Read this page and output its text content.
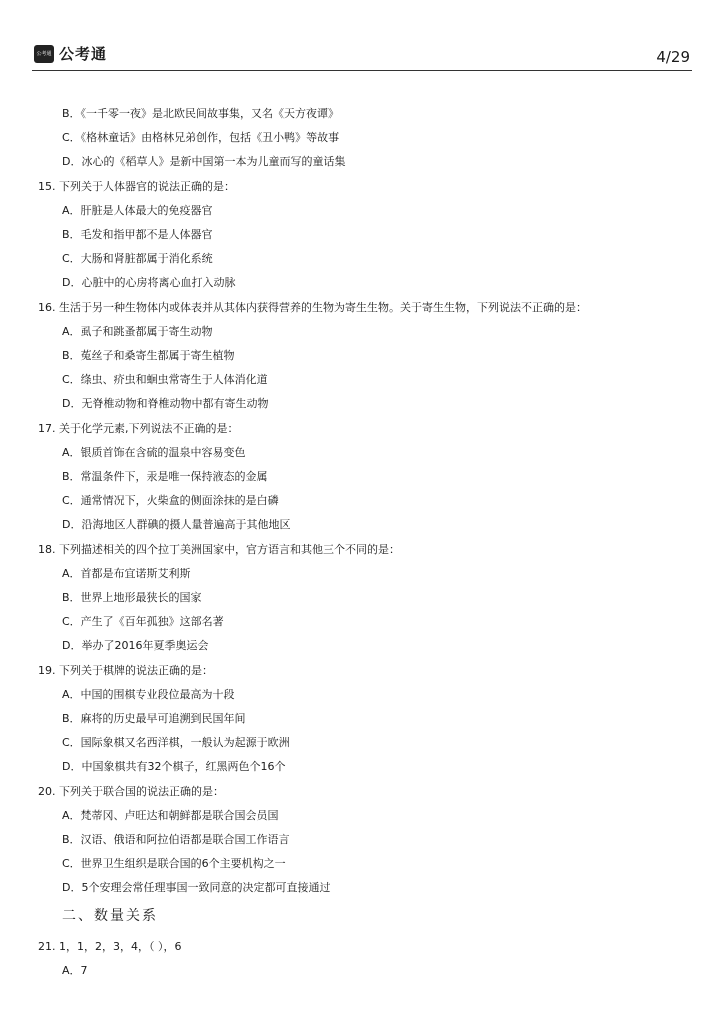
公考通 公考通	4/29
B．《一千零一夜》是北欧民间故事集，又名《天方夜谭》
C．《格林童话》由格林兄弟创作，包括《丑小鸭》等故事
D．冰心的《稻草人》是新中国第一本为儿童而写的童话集
15. 下列关于人体器官的说法正确的是：
A．肝脏是人体最大的免疫器官
B．毛发和指甲都不是人体器官
C．大肠和肾脏都属于消化系统
D．心脏中的心房将离心血打入动脉
16. 生活于另一种生物体内或体表并从其体内获得营养的生物为寄生生物。关于寄生生物，下列说法不正确的是：
A．虱子和跳蚤都属于寄生动物
B．菟丝子和桑寄生都属于寄生植物
C．绦虫、疥虫和蛔虫常寄生于人体消化道
D．无脊椎动物和脊椎动物中都有寄生动物
17. 关于化学元素,下列说法不正确的是：
A．银质首饰在含硫的温泉中容易变色
B．常温条件下，汞是唯一保持液态的金属
C．通常情况下，火柴盒的侧面涂抹的是白磷
D．沿海地区人群碘的摄人量普遍高于其他地区
18. 下列描述相关的四个拉丁美洲国家中，官方语言和其他三个不同的是：
A．首都是布宜诺斯艾利斯
B．世界上地形最狭长的国家
C．产生了《百年孤独》这部名著
D．举办了2016年夏季奥运会
19. 下列关于棋牌的说法正确的是：
A．中国的围棋专业段位最高为十段
B．麻将的历史最早可追溯到民国年间
C．国际象棋又名西洋棋，一般认为起源于欧洲
D．中国象棋共有32个棋子，红黑两色个16个
20. 下列关于联合国的说法正确的是：
A．梵蒂冈、卢旺达和朝鲜都是联合国会员国
B．汉语、俄语和阿拉伯语都是联合国工作语言
C．世界卫生组织是联合国的6个主要机构之一
D．5个安理会常任理事国一致同意的决定都可直接通过
二、数量关系
21. 1，1，2，3，4，（ ），6
A．7
